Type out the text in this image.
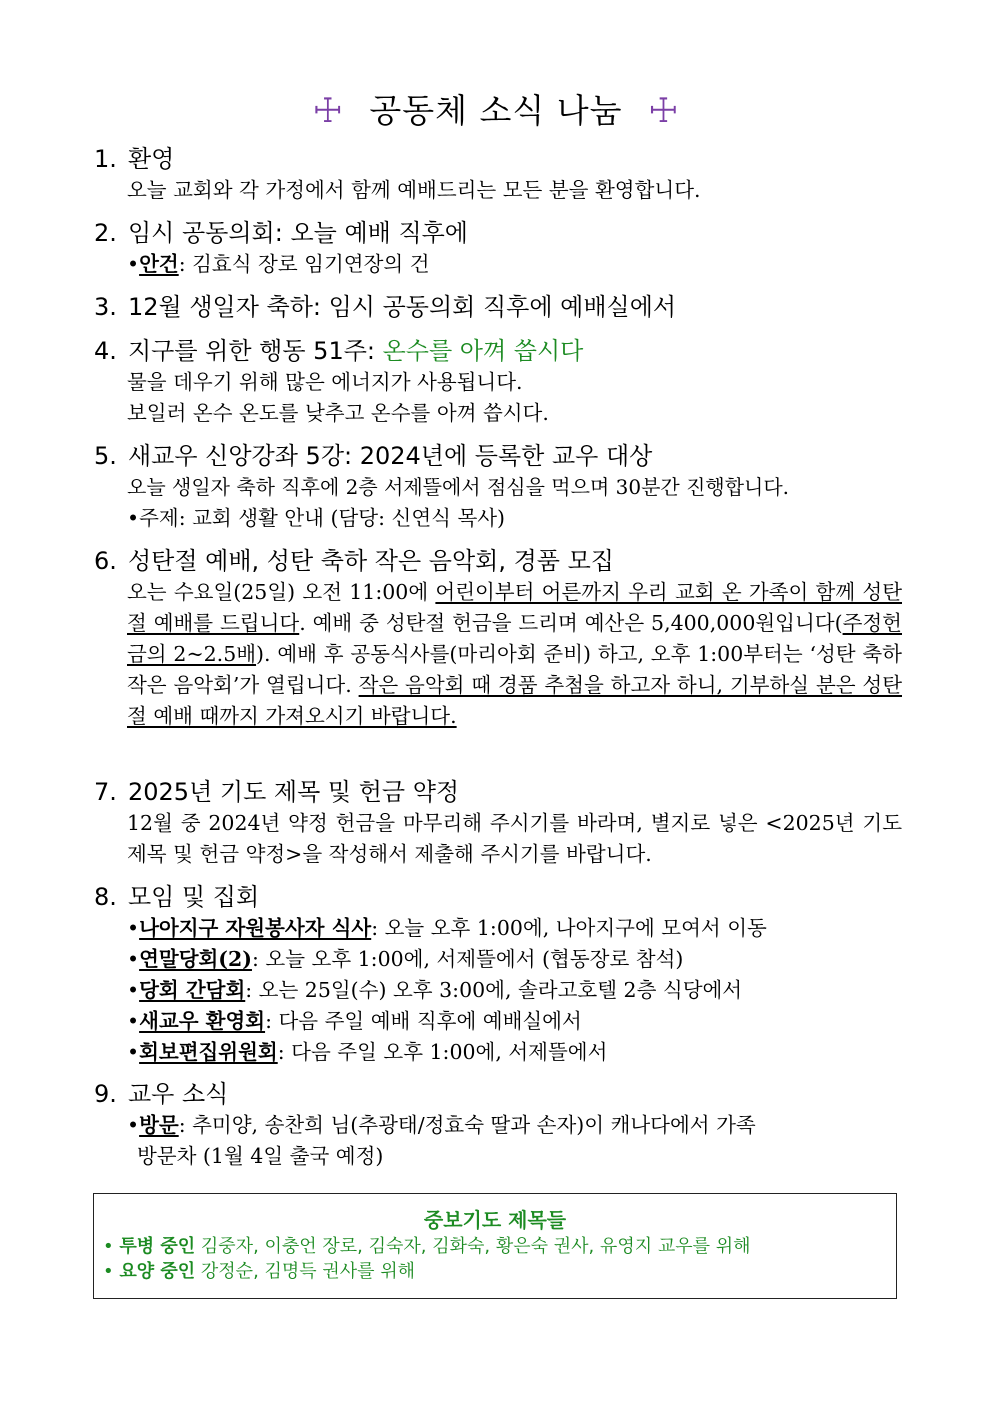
☩ 공동체 소식 나눔 ☩
1. 환영
오늘 교회와 각 가정에서 함께 예배드리는 모든 분을 환영합니다.
2. 임시 공동의회: 오늘 예배 직후에
•안건: 김효식 장로 임기연장의 건
3. 12월 생일자 축하: 임시 공동의회 직후에 예배실에서
4. 지구를 위한 행동 51주: 온수를 아껴 씁시다
물을 데우기 위해 많은 에너지가 사용됩니다.
보일러 온수 온도를 낮추고 온수를 아껴 씁시다.
5. 새교우 신앙강좌 5강: 2024년에 등록한 교우 대상
오늘 생일자 축하 직후에 2층 서제뜰에서 점심을 먹으며 30분간 진행합니다.
•주제: 교회 생활 안내 (담당: 신연식 목사)
6. 성탄절 예배, 성탄 축하 작은 음악회, 경품 모집
오는 수요일(25일) 오전 11:00에 어린이부터 어른까지 우리 교회 온 가족이 함께 성탄절 예배를 드립니다. 예배 중 성탄절 헌금을 드리며 예산은 5,400,000원입니다(주정헌금의 2~2.5배). 예배 후 공동식사를(마리아회 준비) 하고, 오후 1:00부터는 ‘성탄 축하 작은 음악회’가 열립니다. 작은 음악회 때 경품 추첨을 하고자 하니, 기부하실 분은 성탄절 예배 때까지 가져오시기 바랍니다.
7. 2025년 기도 제목 및 헌금 약정
12월 중 2024년 약정 헌금을 마무리해 주시기를 바라며, 별지로 넣은 <2025년 기도 제목 및 헌금 약정>을 작성해서 제출해 주시기를 바랍니다.
8. 모임 및 집회
•나아지구 자원봉사자 식사: 오늘 오후 1:00에, 나아지구에 모여서 이동
•연말당회(2): 오늘 오후 1:00에, 서제뜰에서 (협동장로 참석)
•당회 간담회: 오는 25일(수) 오후 3:00에, 솔라고호텔 2층 식당에서
•새교우 환영회: 다음 주일 예배 직후에 예배실에서
•회보편집위원회: 다음 주일 오후 1:00에, 서제뜰에서
9. 교우 소식
•방문: 추미양, 송찬희 님(추광태/정효숙 딸과 손자)이 캐나다에서 가족
방문차 (1월 4일 출국 예정)
중보기도 제목들
• 투병 중인 김중자, 이충언 장로, 김숙자, 김화숙, 황은숙 권사, 유영지 교우를 위해
• 요양 중인 강정순, 김명득 권사를 위해
